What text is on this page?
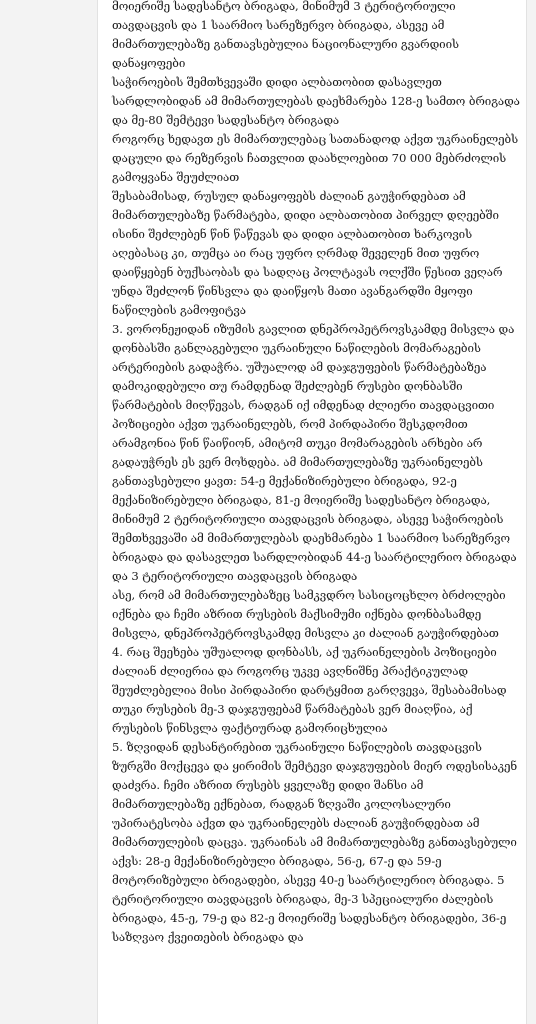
მოიერიშე სადესანტო ბრიგადა, მინიმუმ 3 ტერიტორიული თავდაცვის და 1 საარმიო სარეზერვო ბრიგადა, ასევე ამ მიმართულებაზე განთავსებულია ნაციონალური გვარდიის დანაყოფები

საჭიროების შემთხვევაში დიდი ალბათობით დასავლეთ სარდლობიდან ამ მიმართულებას დაეხმარება 128-ე სამთო ბრიგადა და მე-80 შემტევი სადესანტო ბრიგადა

როგორც ხედავთ ეს მიმართულებაც სათანადოდ აქვთ უკრაინელებს დაცული და რეზერვის ჩათვლით დაახლოებით 70 000 მებრძოლის გამოყვანა შეუძლიათ

შესაბამისად, რუსულ დანაყოფებს ძალიან გაუჭირდებათ ამ მიმართულებაზე წარმატება, დიდი ალბათობით პირველ დღეებში ისინი შეძლებენ წინ წაწევას და დიდი ალბათობით ხარკოვის აღებასაც კი, თუმცა აი რაც უფრო ღრმად შეველენ მით უფრო დაიწყებენ ბუქსაობას და სადღაც პოლტავას ოლქში წესით ვეღარ უნდა შეძლონ წინსვლა და დაიწყოს მათი ავანგარდში მყოფი ნაწილების გამოფიტვა

3. ვორონეჟიდან იზუმის გავლით დნეპროპეტროვსკამდე მისვლა და დონბასში განლაგებული უკრაინული ნაწილების მომარაგების არტერიების გადაჭრა. უშუალოდ ამ დაჯგუფების წარმატებაზეა დამოკიდებული თუ რამდენად შეძლებენ რუსები დონბასში წარმატების მიღწევას, რადგან იქ იმდენად ძლიერი თავდაცვითი პოზიციები აქვთ უკრაინელებს, რომ პირდაპირი შესკდომით არამგონია წინ წაიწიონ, ამიტომ თუკი მომარაგების არხები არ გადაუჭრეს ეს ვერ მოხდება. ამ მიმართულებაზე უკრაინელებს განთავსებული ყავთ: 54-ე მექანიზირებული ბრიგადა, 92-ე მექანიზირებული ბრიგადა, 81-ე მოიერიშე სადესანტო ბრიგადა, მინიმუმ 2 ტერიტორიული თავდაცვის ბრიგადა, ასევე საჭიროების შემთხვევაში ამ მიმართულებას დაეხმარება 1 საარმიო სარეზერვო ბრიგადა და დასავლეთ სარდლობიდან 44-ე საარტილერიო ბრიგადა და 3 ტერიტორიული თავდაცვის ბრიგადა

ასე, რომ ამ მიმართულებაზეც სამკვდრო სასიცოცხლო ბრძოლები იქნება და ჩემი აზრით რუსების მაქსიმუმი იქნება დონბასამდე მისვლა, დნეპროპეტროვსკამდე მისვლა კი ძალიან გაუჭირდებათ

4. რაც შეეხება უშუალოდ დონბასს, აქ უკრაინელების პოზიციები ძალიან ძლიერია და როგორც უკვე ავღნიშნე პრაქტიკულად შეუძლებელია მისი პირდაპირი დარტყმით გარღვევა, შესაბამისად თუკი რუსების მე-3 დაჯგუფებამ წარმატებას ვერ მიაღწია, აქ რუსების წინსვლა ფაქტიურად გამორიცხულია

5. ზღვიდან დესანტირებით უკრაინული ნაწილების თავდაცვის ზურგში მოქცევა და ყირიმის შემტევი დაჯგუფების მიერ ოდესისაკენ დაძვრა. ჩემი აზრით რუსებს ყველაზე დიდი შანსი ამ მიმართულებაზე ექნებათ, რადგან ზღვაში კოლოსალური უპირატესობა აქვთ და უკრაინელებს ძალიან გაუჭირდებათ ამ მიმართულების დაცვა. უკრაინას ამ მიმართულებაზე განთავსებული აქვს: 28-ე მექანიზირებული ბრიგადა, 56-ე, 67-ე და 59-ე მოტორიზებული ბრიგადები, ასევე 40-ე საარტილერიო ბრიგადა. 5 ტერიტორიული თავდაცვის ბრიგადა, მე-3 სპეციალური ძალების ბრიგადა, 45-ე, 79-ე და 82-ე მოიერიშე სადესანტო ბრიგადები, 36-ე საზღვაო ქვეითების ბრიგადა და
